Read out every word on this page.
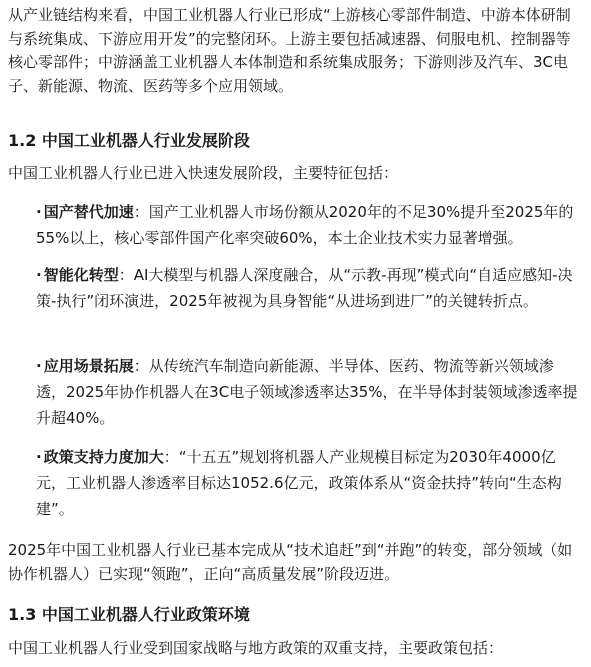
从产业链结构来看，中国工业机器人行业已形成“上游核心零部件制造、中游本体研制与系统集成、下游应用开发”的完整闭环。上游主要包括减速器、伺服电机、控制器等核心零部件；中游涵盖工业机器人本体制造和系统集成服务；下游则涉及汽车、3C电子、新能源、物流、医药等多个应用领域。

1.2 中国工业机器人行业发展阶段

中国工业机器人行业已进入快速发展阶段，主要特征包括：

· 国产替代加速：国产工业机器人市场份额从2020年的不足30%提升至2025年的55%以上，核心零部件国产化率突破60%，本土企业技术实力显著增强。

· 智能化转型：AI大模型与机器人深度融合，从“示教-再现”模式向“自适应感知-决策-执行”闭环演进，2025年被视为具身智能“从进场到进厂”的关键转折点。

· 应用场景拓展：从传统汽车制造向新能源、半导体、医药、物流等新兴领域渗透，2025年协作机器人在3C电子领域渗透率达35%，在半导体封装领域渗透率提升超40%。

· 政策支持力度加大：“十五五”规划将机器人产业规模目标定为2030年4000亿元，工业机器人渗透率目标达1052.6亿元，政策体系从“资金扶持”转向“生态构建”。

2025年中国工业机器人行业已基本完成从“技术追赶”到“并跑”的转变，部分领域（如协作机器人）已实现“领跑”，正向“高质量发展”阶段迈进。

1.3 中国工业机器人行业政策环境

中国工业机器人行业受到国家战略与地方政策的双重支持，主要政策包括：
